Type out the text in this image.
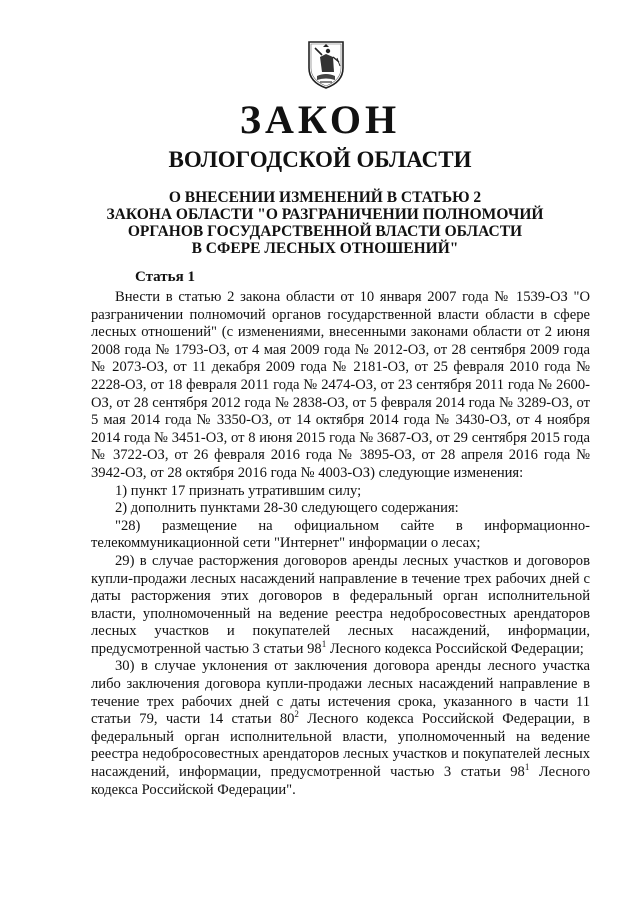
ЗАКОН
ВОЛОГОДСКОЙ ОБЛАСТИ
О ВНЕСЕНИИ ИЗМЕНЕНИЙ В СТАТЬЮ 2
ЗАКОНА ОБЛАСТИ "О РАЗГРАНИЧЕНИИ ПОЛНОМОЧИЙ
ОРГАНОВ ГОСУДАРСТВЕННОЙ ВЛАСТИ ОБЛАСТИ
В СФЕРЕ ЛЕСНЫХ ОТНОШЕНИЙ"
Статья 1

Внести в статью 2 закона области от 10 января 2007 года № 1539-ОЗ "О разграничении полномочий органов государственной власти области в сфере лесных отношений" (с изменениями, внесенными законами области от 2 июня 2008 года № 1793-ОЗ, от 4 мая 2009 года № 2012-ОЗ, от 28 сентября 2009 года № 2073-ОЗ, от 11 декабря 2009 года № 2181-ОЗ, от 25 февраля 2010 года № 2228-ОЗ, от 18 февраля 2011 года № 2474-ОЗ, от 23 сентября 2011 года № 2600-ОЗ, от 28 сентября 2012 года № 2838-ОЗ, от 5 февраля 2014 года № 3289-ОЗ, от 5 мая 2014 года № 3350-ОЗ, от 14 октября 2014 года № 3430-ОЗ, от 4 ноября 2014 года № 3451-ОЗ, от 8 июня 2015 года № 3687-ОЗ, от 29 сентября 2015 года № 3722-ОЗ, от 26 февраля 2016 года № 3895-ОЗ, от 28 апреля 2016 года № 3942-ОЗ, от 28 октября 2016 года № 4003-ОЗ) следующие изменения:

1) пункт 17 признать утратившим силу;

2) дополнить пунктами 28-30 следующего содержания:

"28) размещение на официальном сайте в информационно-телекоммуникационной сети "Интернет" информации о лесах;

29) в случае расторжения договоров аренды лесных участков и договоров купли-продажи лесных насаждений направление в течение трех рабочих дней с даты расторжения этих договоров в федеральный орган исполнительной власти, уполномоченный на ведение реестра недобросовестных арендаторов лесных участков и покупателей лесных насаждений, информации, предусмотренной частью 3 статьи $98^1$ Лесного кодекса Российской Федерации;

30) в случае уклонения от заключения договора аренды лесного участка либо заключения договора купли-продажи лесных насаждений направление в течение трех рабочих дней с даты истечения срока, указанного в части 11 статьи 79, части 14 статьи $80^2$ Лесного кодекса Российской Федерации, в федеральный орган исполнительной власти, уполномоченный на ведение реестра недобросовестных арендаторов лесных участков и покупателей лесных насаждений, информации, предусмотренной частью 3 статьи $98^1$ Лесного кодекса Российской Федерации".
